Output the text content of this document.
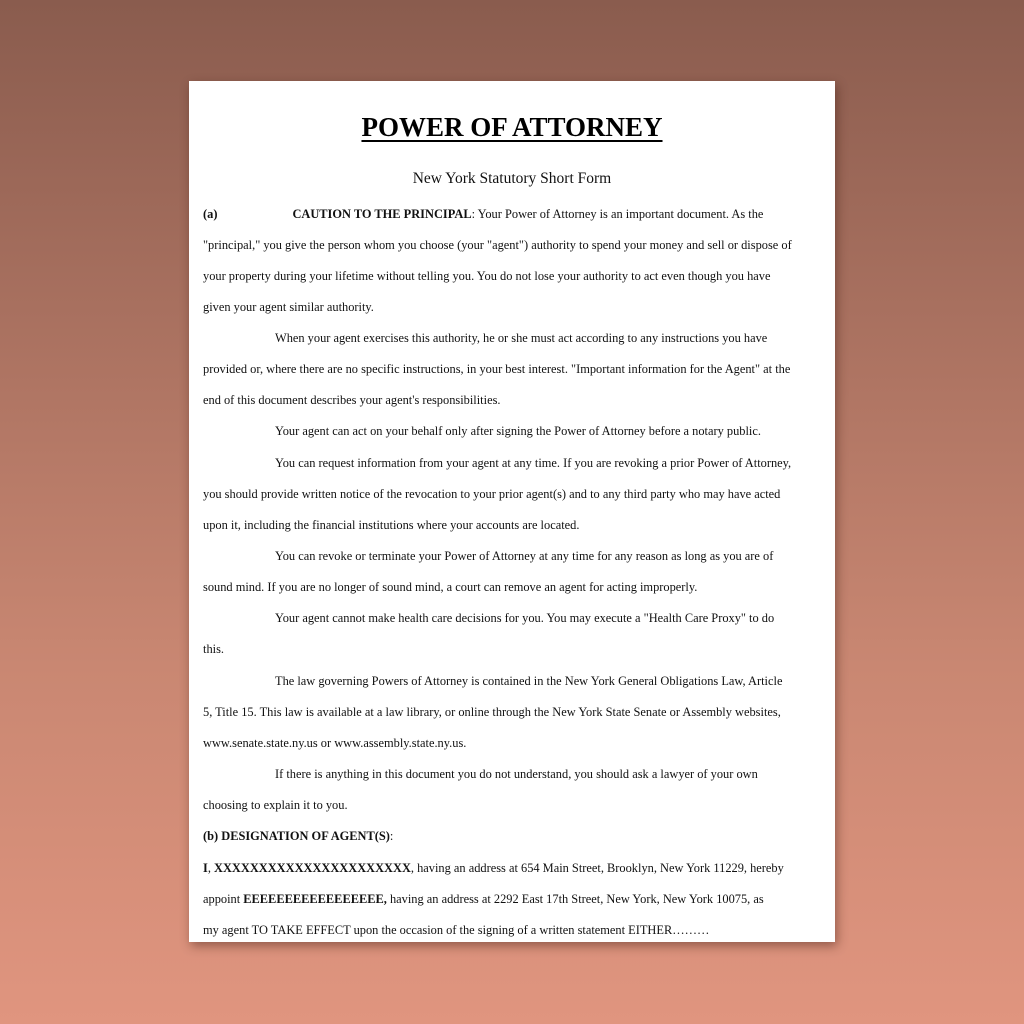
POWER OF ATTORNEY
New York Statutory Short Form
(a)	CAUTION TO THE PRINCIPAL: Your Power of Attorney is an important document. As the
"principal," you give the person whom you choose (your "agent") authority to spend your money and sell or dispose of
your property during your lifetime without telling you. You do not lose your authority to act even though you have
given your agent similar authority.
When your agent exercises this authority, he or she must act according to any instructions you have
provided or, where there are no specific instructions, in your best interest. "Important information for the Agent" at the
end of this document describes your agent's responsibilities.
Your agent can act on your behalf only after signing the Power of Attorney before a notary public.
You can request information from your agent at any time. If you are revoking a prior Power of Attorney,
you should provide written notice of the revocation to your prior agent(s) and to any third party who may have acted
upon it, including the financial institutions where your accounts are located.
You can revoke or terminate your Power of Attorney at any time for any reason as long as you are of
sound mind. If you are no longer of sound mind, a court can remove an agent for acting improperly.
Your agent cannot make health care decisions for you. You may execute a "Health Care Proxy" to do
this.
The law governing Powers of Attorney is contained in the New York General Obligations Law, Article
5, Title 15. This law is available at a law library, or online through the New York State Senate or Assembly websites,
www.senate.state.ny.us or www.assembly.state.ny.us.
If there is anything in this document you do not understand, you should ask a lawyer of your own
choosing to explain it to you.
(b) DESIGNATION OF AGENT(S):
I, XXXXXXXXXXXXXXXXXXXXXX, having an address at 654 Main Street, Brooklyn, New York 11229, hereby
appoint EEEEEEEEEEEEEEEEE, having an address at 2292 East 17th Street, New York, New York 10075, as
my agent TO TAKE EFFECT upon the occasion of the signing of a written statement EITHER………
